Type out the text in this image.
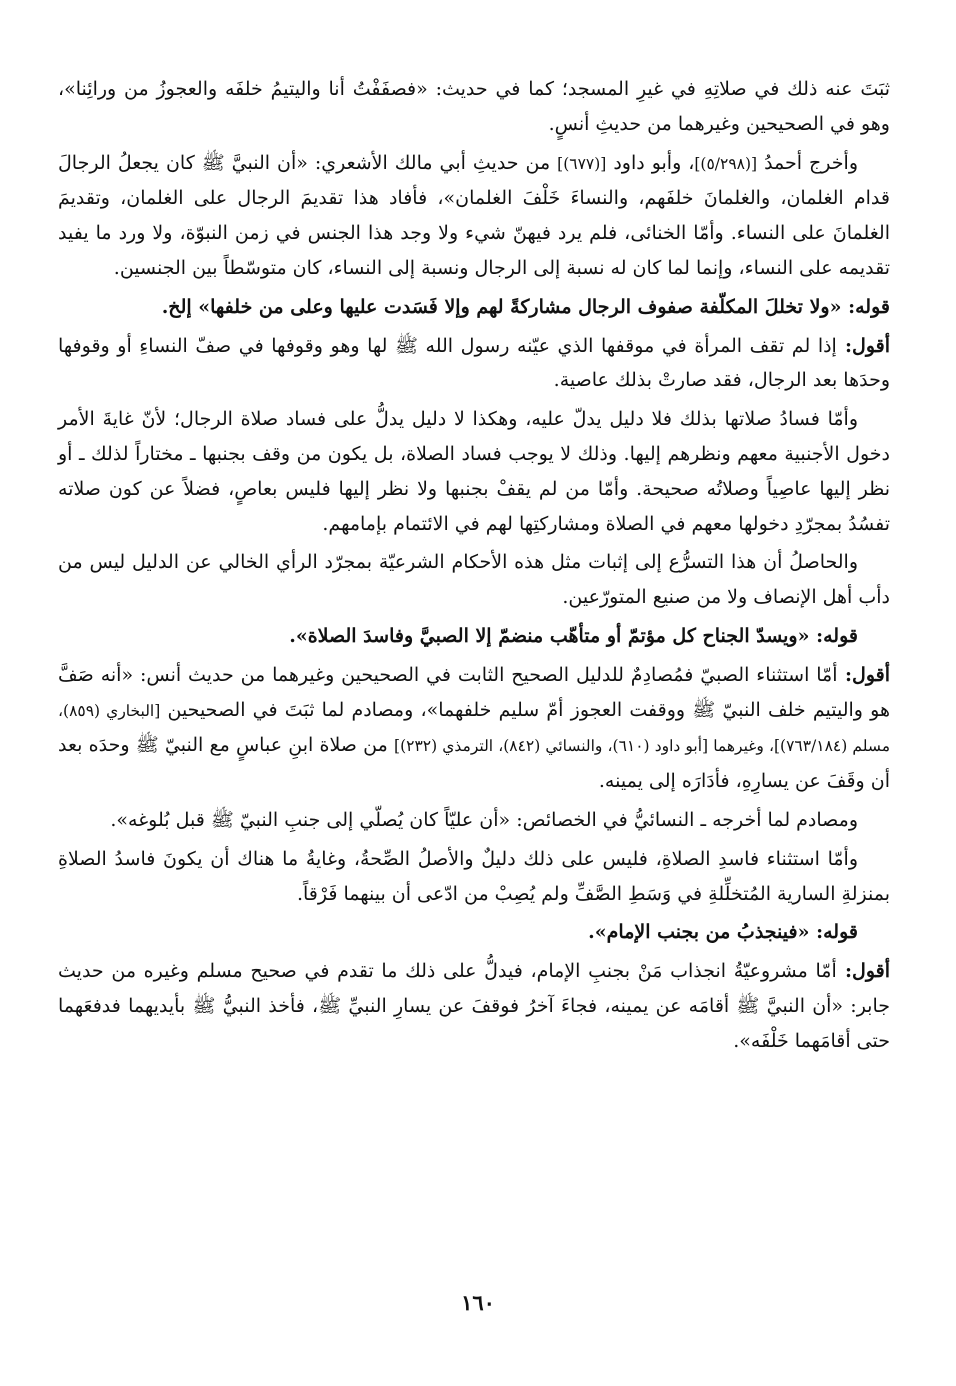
ثبَتَ عنه ذلك في صلاتِهِ في غيرِ المسجد؛ كما في حديث: «فصفَفْتُ أنا واليتيمُ خلفَه والعجوزُ من ورائِنا»، وهو في الصحيحين وغيرهما من حديثِ أنسٍ.

وأخرج أحمدُ [(٥/٢٩٨)]، وأبو داود [(٦٧٧)] من حديثِ أبي مالك الأشعري: «أن النبيَّ ﷺ كان يجعلُ الرجالَ قدام الغلمان، والغلمانَ خلفَهم، والنساءَ خَلْفَ الغلمان»، فأفاد هذا تقديمَ الرجال على الغلمان، وتقديمَ الغلمانَ على النساء. وأمّا الخنائى، فلم يرد فيهنّ شيء ولا وجد هذا الجنس في زمن النبوّة، ولا ورد ما يفيد تقديمه على النساء، وإنما لما كان له نسبة إلى الرجال ونسبة إلى النساء، كان متوسّطاً بين الجنسين.

قوله: «ولا تخللَ المكلّفة صفوف الرجال مشاركةً لهم وإلا فَسَدت عليها وعلى من خلفها» إلخ.

أقول: إذا لم تقف المرأة في موقفها الذي عيّنه رسول الله ﷺ لها وهو وقوفها في صفّ النساءِ أو وقوفها وحدَها بعد الرجال، فقد صارتْ بذلك عاصية.

وأمّا فسادُ صلاتها بذلك فلا دليل يدلّ عليه، وهكذا لا دليل يدلُّ على فساد صلاة الرجال؛ لأنّ غايةَ الأمر دخول الأجنبية معهم ونظرهم إليها. وذلك لا يوجب فساد الصلاة، بل يكون من وقف بجنبها ـ مختاراً لذلك ـ أو نظر إليها عاصِياً وصلاتُه صحيحة. وأمّا من لم يقفْ بجنبها ولا نظر إليها فليس بعاصٍ، فضلاً عن كون صلاته تفسُدُ بمجرّدِ دخولها معهم في الصلاة ومشاركتِها لهم في الائتمام بإمامهم.

والحاصلُ أن هذا التسرُّع إلى إثبات مثل هذه الأحكام الشرعيّة بمجرّد الرأي الخالي عن الدليل ليس من دأب أهل الإنصاف ولا من صنيع المتورّعين.

قوله: «ويسدّ الجناح كل مؤتمّ أو متأهّب منضمّ إلا الصبيَّ وفاسدَ الصلاة».

أقول: أمّا استثناء الصبيّ فمُصادِمٌ للدليل الصحيح الثابت في الصحيحين وغيرهما من حديث أنس: «أنه صَفَّ هو واليتيم خلف النبيّ ﷺ ووقفت العجوز أمّ سليم خلفهما»، ومصادم لما ثبَتَ في الصحيحين [البخاري (٨٥٩)، مسلم (٧٦٣/١٨٤)]، وغيرهما [أبو داود (٦١٠)، والنسائي (٨٤٢)، الترمذي (٢٣٢)] من صلاة ابنِ عباسٍ مع النبيّ ﷺ وحدَه بعد أن وقَفَ عن يسارِهِ، فأدَارَه إلى يمينه.

ومصادم لما أخرجه ـ النسائيُّ في الخصائص: «أن عليّاً كان يُصلّي إلى جنبِ النبيّ ﷺ قبل بُلوغه».

وأمّا استثناء فاسدِ الصلاةِ، فليس على ذلك دليلٌ والأصلُ الصِّحةُ، وغايةُ ما هناك أن يكونَ فاسدُ الصلاةِ بمنزلةِ السارية المُتخلِّلةِ في وَسَطِ الصَّفِّ ولم يُصِبْ من ادّعى أن بينهما فَرْقاً.

قوله: «فينجذبُ من بجنب الإمام».

أقول: أمّا مشروعيّةُ انجذاب مَنْ بجنبِ الإمام، فيدلُّ على ذلك ما تقدم في صحيح مسلم وغيره من حديث جابر: «أن النبيَّ ﷺ أقامَه عن يمينه، فجاءَ آخرُ فوقفَ عن يسارِ النبيِّ ﷺ، فأخذ النبيُّ ﷺ بأيديهما فدفعَهما حتى أقامَهما خَلْفَه».

١٦٠
